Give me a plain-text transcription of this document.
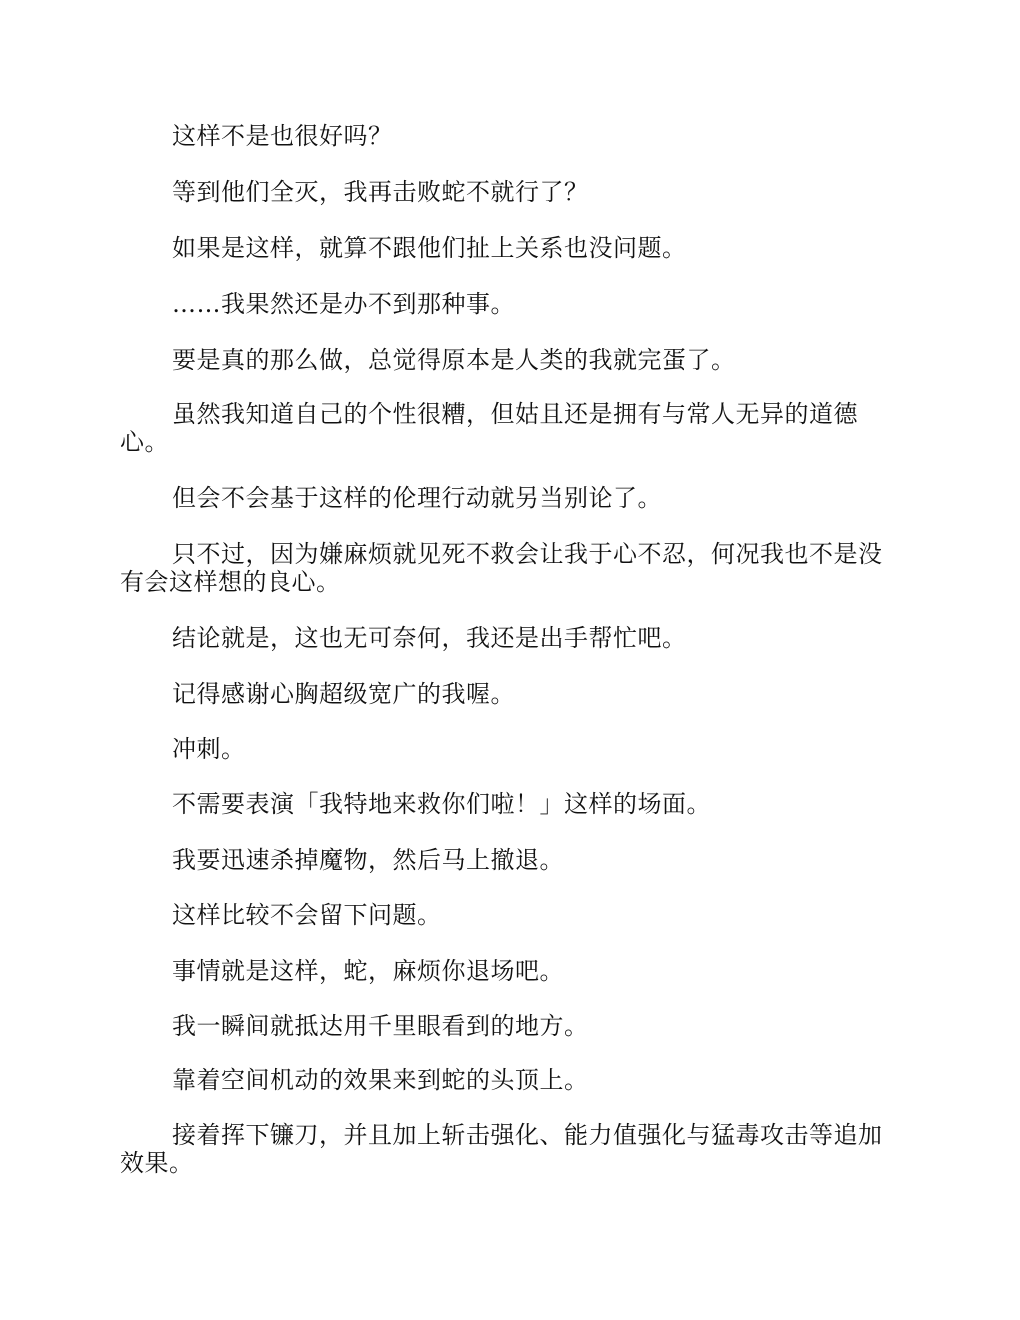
这样不是也很好吗？

等到他们全灭，我再击败蛇不就行了？

如果是这样，就算不跟他们扯上关系也没问题。

……我果然还是办不到那种事。

要是真的那么做，总觉得原本是人类的我就完蛋了。

虽然我知道自己的个性很糟，但姑且还是拥有与常人无异的道德心。

但会不会基于这样的伦理行动就另当别论了。

只不过，因为嫌麻烦就见死不救会让我于心不忍，何况我也不是没有会这样想的良心。

结论就是，这也无可奈何，我还是出手帮忙吧。

记得感谢心胸超级宽广的我喔。

冲刺。

不需要表演「我特地来救你们啦！」这样的场面。

我要迅速杀掉魔物，然后马上撤退。

这样比较不会留下问题。

事情就是这样，蛇，麻烦你退场吧。

我一瞬间就抵达用千里眼看到的地方。

靠着空间机动的效果来到蛇的头顶上。

接着挥下镰刀，并且加上斩击强化、能力值强化与猛毒攻击等追加效果。
